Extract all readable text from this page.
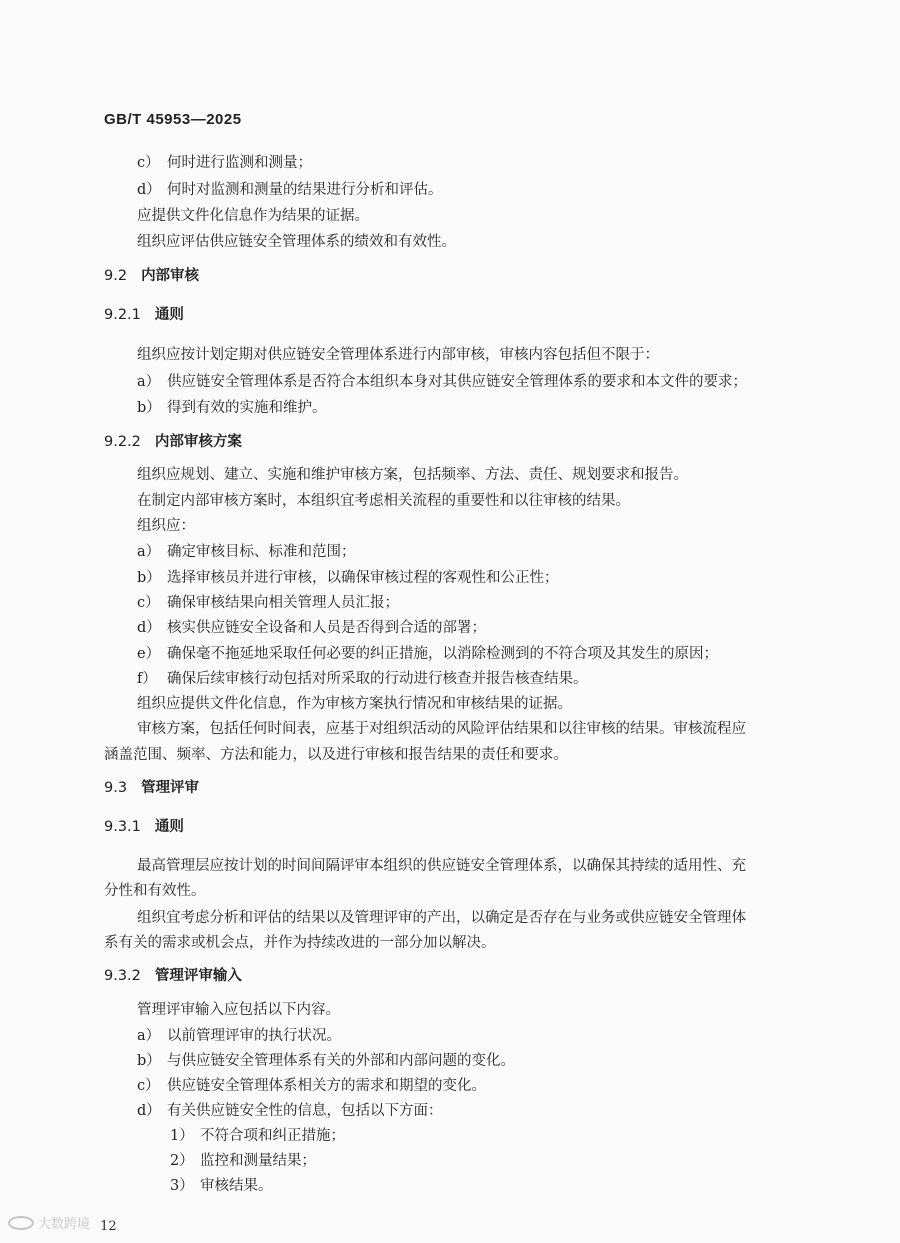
GB/T 45953—2025
c） 何时进行监测和测量；
d） 何时对监测和测量的结果进行分析和评估。
应提供文件化信息作为结果的证据。
组织应评估供应链安全管理体系的绩效和有效性。
9.2 内部审核
9.2.1 通则
组织应按计划定期对供应链安全管理体系进行内部审核，审核内容包括但不限于：
a） 供应链安全管理体系是否符合本组织本身对其供应链安全管理体系的要求和本文件的要求；
b） 得到有效的实施和维护。
9.2.2 内部审核方案
组织应规划、建立、实施和维护审核方案，包括频率、方法、责任、规划要求和报告。
在制定内部审核方案时，本组织宜考虑相关流程的重要性和以往审核的结果。
组织应：
a） 确定审核目标、标准和范围；
b） 选择审核员并进行审核，以确保审核过程的客观性和公正性；
c） 确保审核结果向相关管理人员汇报；
d） 核实供应链安全设备和人员是否得到合适的部署；
e） 确保毫不拖延地采取任何必要的纠正措施，以消除检测到的不符合项及其发生的原因；
f） 确保后续审核行动包括对所采取的行动进行核查并报告核查结果。
组织应提供文件化信息，作为审核方案执行情况和审核结果的证据。
审核方案，包括任何时间表，应基于对组织活动的风险评估结果和以往审核的结果。审核流程应
涵盖范围、频率、方法和能力，以及进行审核和报告结果的责任和要求。
9.3 管理评审
9.3.1 通则
最高管理层应按计划的时间间隔评审本组织的供应链安全管理体系，以确保其持续的适用性、充
分性和有效性。
组织宜考虑分析和评估的结果以及管理评审的产出，以确定是否存在与业务或供应链安全管理体
系有关的需求或机会点，并作为持续改进的一部分加以解决。
9.3.2 管理评审输入
管理评审输入应包括以下内容。
a） 以前管理评审的执行状况。
b） 与供应链安全管理体系有关的外部和内部问题的变化。
c） 供应链安全管理体系相关方的需求和期望的变化。
d） 有关供应链安全性的信息，包括以下方面：
1） 不符合项和纠正措施；
2） 监控和测量结果；
3） 审核结果。
大数跨境 12
